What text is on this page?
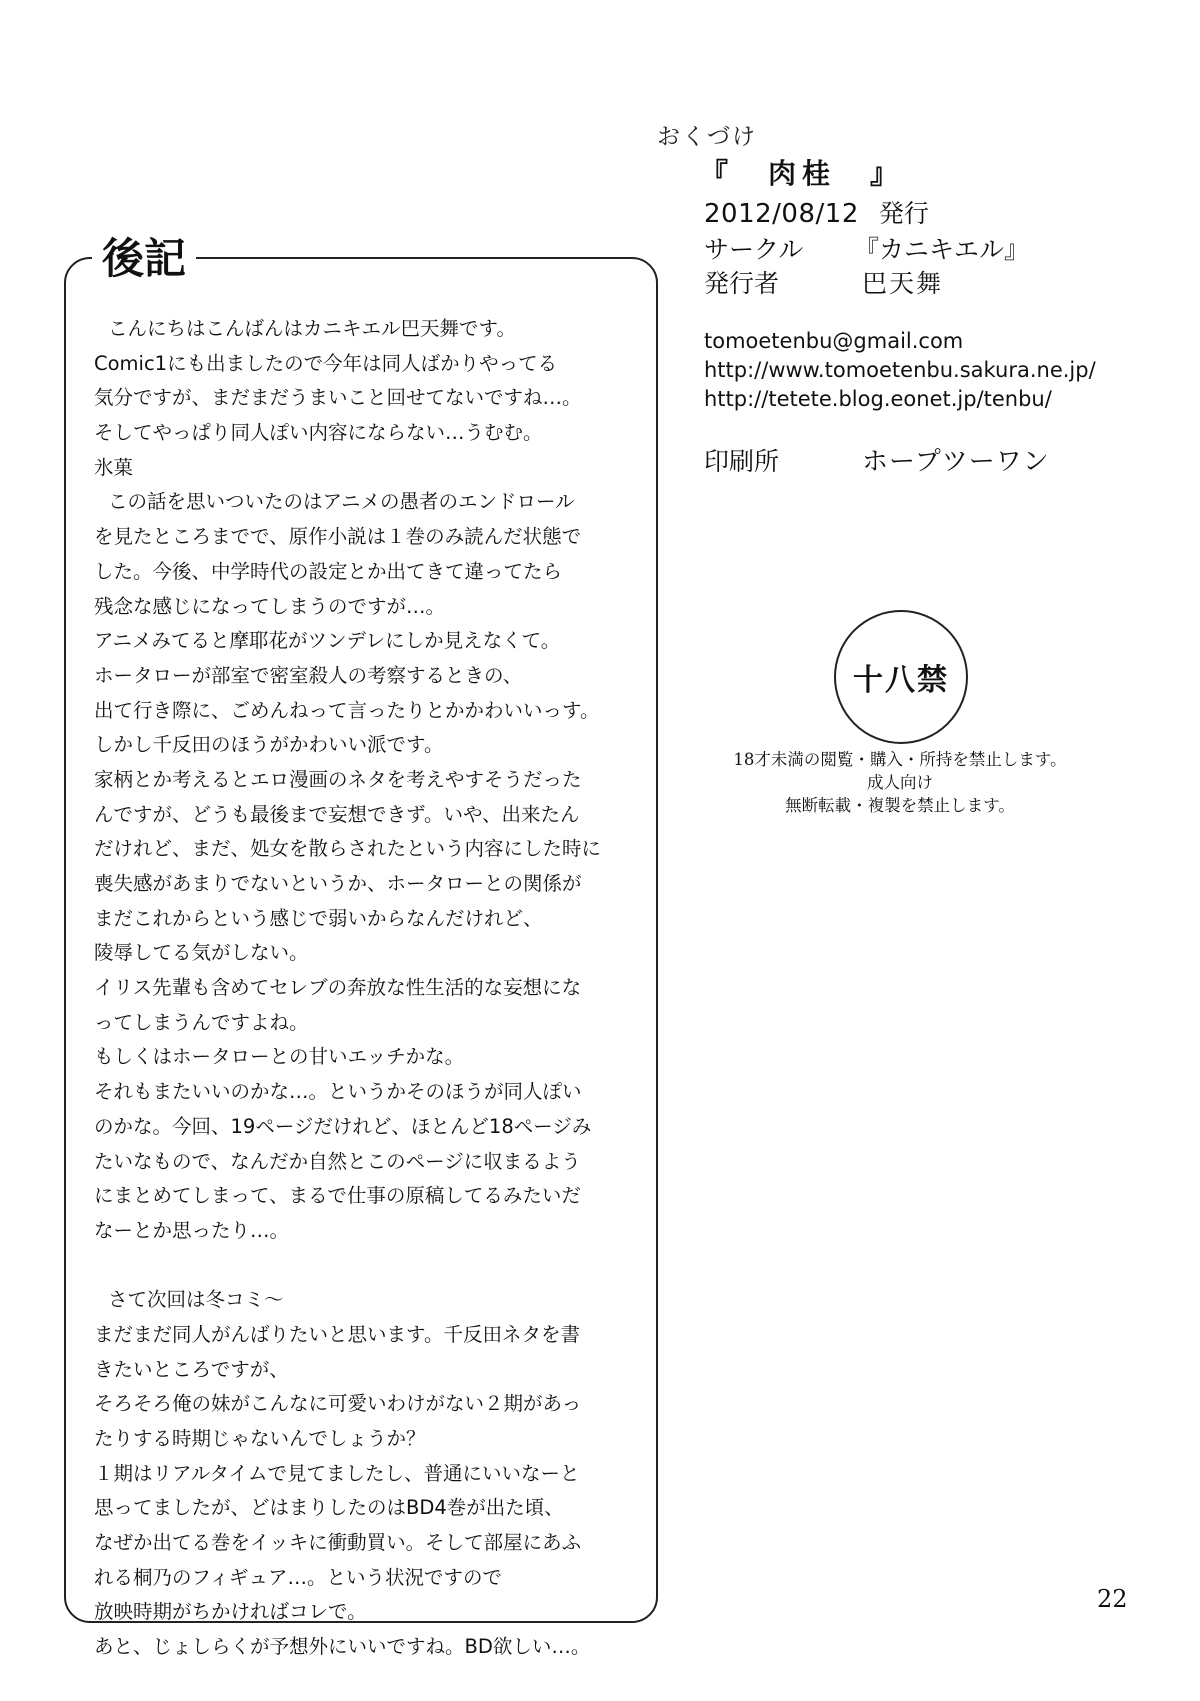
おくづけ
『　肉桂　』
2012/08/12 発行
サークル 『カニキエル』
発行者	巴天舞
tomoetenbu@gmail.com
http://www.tomoetenbu.sakura.ne.jp/
http://tetete.blog.eonet.jp/tenbu/
印刷所	ホープツーワン
十八禁
18才未満の閲覧・購入・所持を禁止します。
成人向け
無断転載・複製を禁止します。
後記
こんにちはこんばんはカニキエル巴天舞です。
Comic1にも出ましたので今年は同人ばかりやってる
気分ですが、まだまだうまいこと回せてないですね…。
そしてやっぱり同人ぽい内容にならない…うむむ。
氷菓
この話を思いついたのはアニメの愚者のエンドロール
を見たところまでで、原作小説は１巻のみ読んだ状態で
した。今後、中学時代の設定とか出てきて違ってたら
残念な感じになってしまうのですが…。
アニメみてると摩耶花がツンデレにしか見えなくて。
ホータローが部室で密室殺人の考察するときの、
出て行き際に、ごめんねって言ったりとかかわいいっす。
しかし千反田のほうがかわいい派です。
家柄とか考えるとエロ漫画のネタを考えやすそうだった
んですが、どうも最後まで妄想できず。いや、出来たん
だけれど、まだ、処女を散らされたという内容にした時に
喪失感があまりでないというか、ホータローとの関係が
まだこれからという感じで弱いからなんだけれど、
陵辱してる気がしない。
イリス先輩も含めてセレブの奔放な性生活的な妄想にな
ってしまうんですよね。
もしくはホータローとの甘いエッチかな。
それもまたいいのかな…。というかそのほうが同人ぽい
のかな。今回、19ページだけれど、ほとんど18ページみ
たいなもので、なんだか自然とこのページに収まるよう
にまとめてしまって、まるで仕事の原稿してるみたいだ
なーとか思ったり…。
さて次回は冬コミ～
まだまだ同人がんばりたいと思います。千反田ネタを書
きたいところですが、
そろそろ俺の妹がこんなに可愛いわけがない２期があっ
たりする時期じゃないんでしょうか？
１期はリアルタイムで見てましたし、普通にいいなーと
思ってましたが、どはまりしたのはBD4巻が出た頃、
なぜか出てる巻をイッキに衝動買い。そして部屋にあふ
れる桐乃のフィギュア…。という状況ですので
放映時期がちかければコレで。
あと、じょしらくが予想外にいいですね。BD欲しい…。
22
